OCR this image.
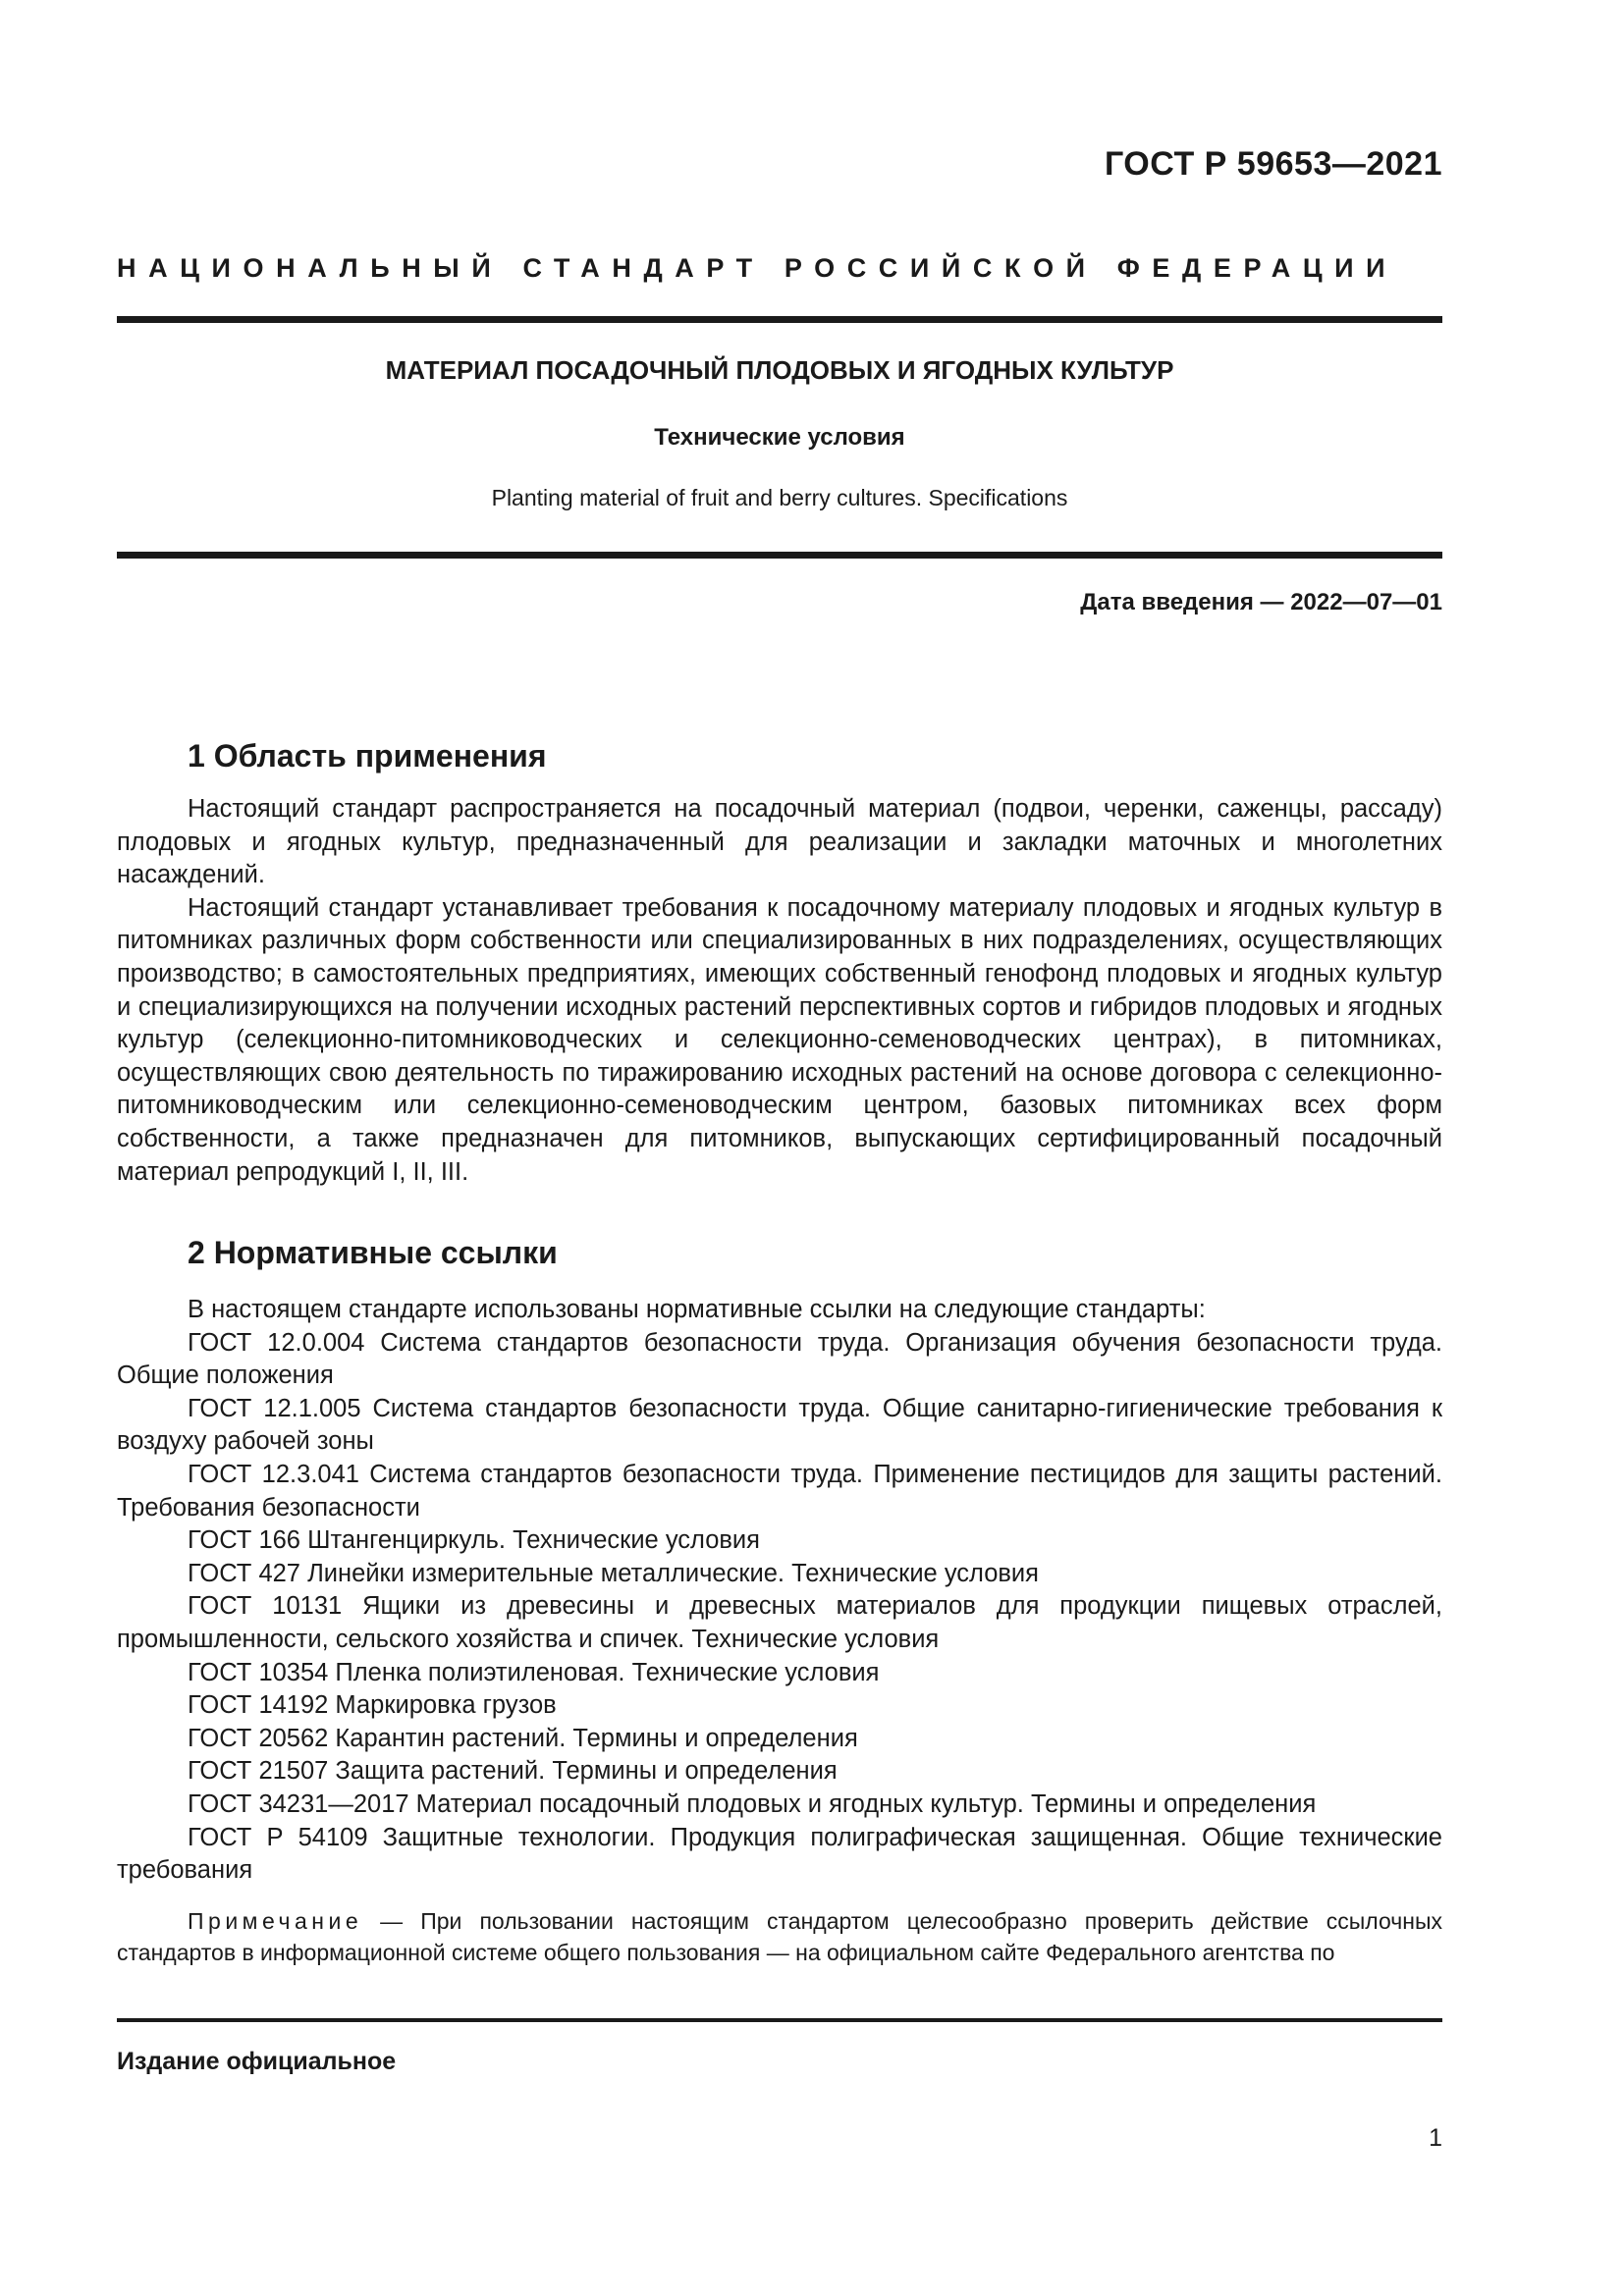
ГОСТ Р 59653—2021
НАЦИОНАЛЬНЫЙ СТАНДАРТ РОССИЙСКОЙ ФЕДЕРАЦИИ
МАТЕРИАЛ ПОСАДОЧНЫЙ ПЛОДОВЫХ И ЯГОДНЫХ КУЛЬТУР
Технические условия
Planting material of fruit and berry cultures. Specifications
Дата введения — 2022—07—01
1 Область применения

Настоящий стандарт распространяется на посадочный материал (подвои, черенки, саженцы, рассаду) плодовых и ягодных культур, предназначенный для реализации и закладки маточных и многолетних насаждений.

Настоящий стандарт устанавливает требования к посадочному материалу плодовых и ягодных культур в питомниках различных форм собственности или специализированных в них подразделениях, осуществляющих производство; в самостоятельных предприятиях, имеющих собственный генофонд плодовых и ягодных культур и специализирующихся на получении исходных растений перспективных сортов и гибридов плодовых и ягодных культур (селекционно-питомниководческих и селекционно-семеноводческих центрах), в питомниках, осуществляющих свою деятельность по тиражированию исходных растений на основе договора с селекционно-питомниководческим или селекционно-семеноводческим центром, базовых питомниках всех форм собственности, а также предназначен для питомников, выпускающих сертифицированный посадочный материал репродукций I, II, III.

2 Нормативные ссылки

В настоящем стандарте использованы нормативные ссылки на следующие стандарты:

ГОСТ 12.0.004 Система стандартов безопасности труда. Организация обучения безопасности труда. Общие положения

ГОСТ 12.1.005 Система стандартов безопасности труда. Общие санитарно-гигиенические требования к воздуху рабочей зоны

ГОСТ 12.3.041 Система стандартов безопасности труда. Применение пестицидов для защиты растений. Требования безопасности

ГОСТ 166 Штангенциркуль. Технические условия

ГОСТ 427 Линейки измерительные металлические. Технические условия

ГОСТ 10131 Ящики из древесины и древесных материалов для продукции пищевых отраслей, промышленности, сельского хозяйства и спичек. Технические условия

ГОСТ 10354 Пленка полиэтиленовая. Технические условия

ГОСТ 14192 Маркировка грузов

ГОСТ 20562 Карантин растений. Термины и определения

ГОСТ 21507 Защита растений. Термины и определения

ГОСТ 34231—2017 Материал посадочный плодовых и ягодных культур. Термины и определения

ГОСТ Р 54109 Защитные технологии. Продукция полиграфическая защищенная. Общие технические требования

Примечание — При пользовании настоящим стандартом целесообразно проверить действие ссылочных стандартов в информационной системе общего пользования — на официальном сайте Федерального агентства по
Издание официальное
1
